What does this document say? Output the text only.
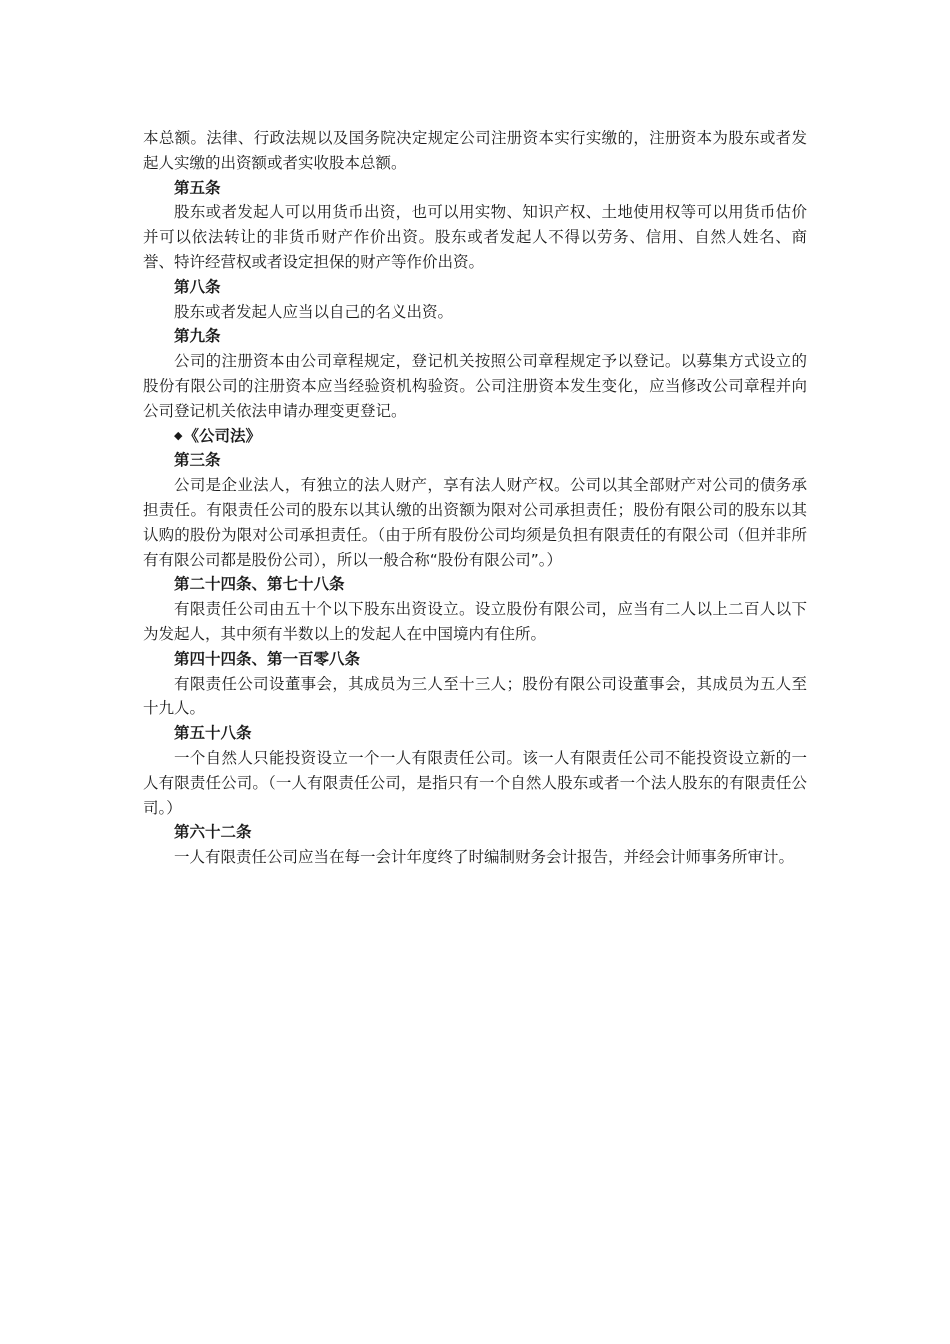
本总额。法律、行政法规以及国务院决定规定公司注册资本实行实缴的，注册资本为股东或者发起人实缴的出资额或者实收股本总额。

第五条

股东或者发起人可以用货币出资，也可以用实物、知识产权、土地使用权等可以用货币估价并可以依法转让的非货币财产作价出资。股东或者发起人不得以劳务、信用、自然人姓名、商誉、特许经营权或者设定担保的财产等作价出资。

第八条

股东或者发起人应当以自己的名义出资。

第九条

公司的注册资本由公司章程规定，登记机关按照公司章程规定予以登记。以募集方式设立的股份有限公司的注册资本应当经验资机构验资。公司注册资本发生变化，应当修改公司章程并向公司登记机关依法申请办理变更登记。

◆《公司法》

第三条

公司是企业法人，有独立的法人财产，享有法人财产权。公司以其全部财产对公司的债务承担责任。有限责任公司的股东以其认缴的出资额为限对公司承担责任；股份有限公司的股东以其认购的股份为限对公司承担责任。（由于所有股份公司均须是负担有限责任的有限公司（但并非所有有限公司都是股份公司），所以一般合称“股份有限公司”。）

第二十四条、第七十八条

有限责任公司由五十个以下股东出资设立。设立股份有限公司，应当有二人以上二百人以下为发起人，其中须有半数以上的发起人在中国境内有住所。

第四十四条、第一百零八条

有限责任公司设董事会，其成员为三人至十三人；股份有限公司设董事会，其成员为五人至十九人。

第五十八条

一个自然人只能投资设立一个一人有限责任公司。该一人有限责任公司不能投资设立新的一人有限责任公司。（一人有限责任公司，是指只有一个自然人股东或者一个法人股东的有限责任公司。）

第六十二条

一人有限责任公司应当在每一会计年度终了时编制财务会计报告，并经会计师事务所审计。
